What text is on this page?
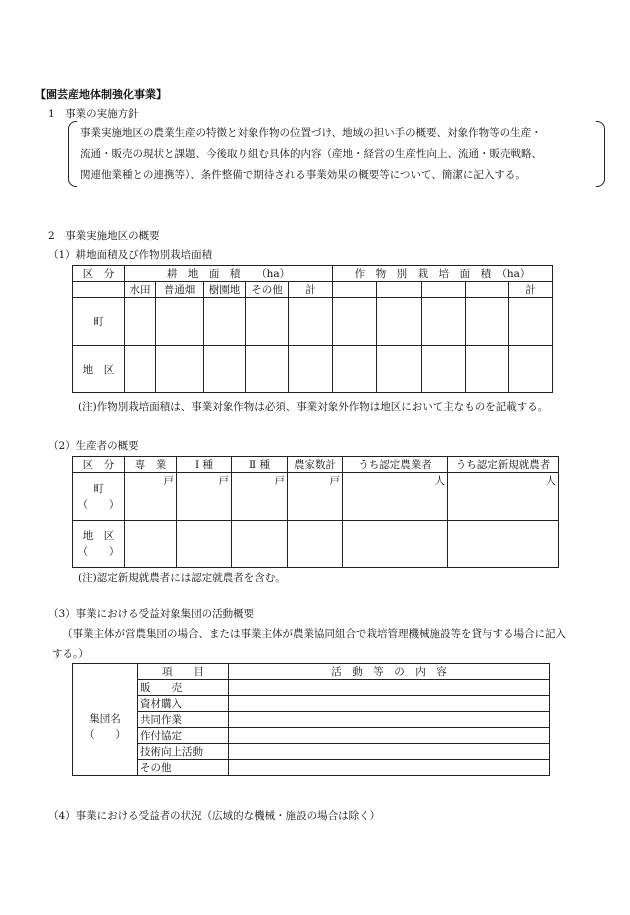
【園芸産地体制強化事業】
1　事業の実施方針
事業実施地区の農業生産の特徴と対象作物の位置づけ、地域の担い手の概要、対象作物等の生産・
流通・販売の現状と課題、今後取り組む具体的内容（産地・経営の生産性向上、流通・販売戦略、
関連他業種との連携等）、条件整備で期待される事業効果の概要等について、簡潔に記入する。
2　事業実施地区の概要
（1）耕地面積及び作物別栽培面積
区　分	耕　地　面　積　　（ha）					作　物　別　栽　培　面　積　（ha）				
	水田	普通畑	樹園地	その他	計					計
町										
地　区										
(注)作物別栽培面積は、事業対象作物は必須、事業対象外作物は地区において主なものを記載する。
（2）生産者の概要
区　分	専　業	Ⅰ 種	Ⅱ 種	農家数計	うち認定農業者	うち認定新規就農者

町
（　　）	戸	戸	戸	戸	人	人

地　区
（　　）						

(注)認定新規就農者には認定就農者を含む。
（3）事業における受益対象集団の活動概要
（事業主体が営農集団の場合、または事業主体が農業協同組合で栽培管理機械施設等を貸与する場合に記入
する。）
	項　　目	活　動　等　の　内　容

集団名
（　　）	販　　売	
	資材購入	
	共同作業	
	作付協定	
	技術向上活動	
	その他	
（4）事業における受益者の状況（広域的な機械・施設の場合は除く）
